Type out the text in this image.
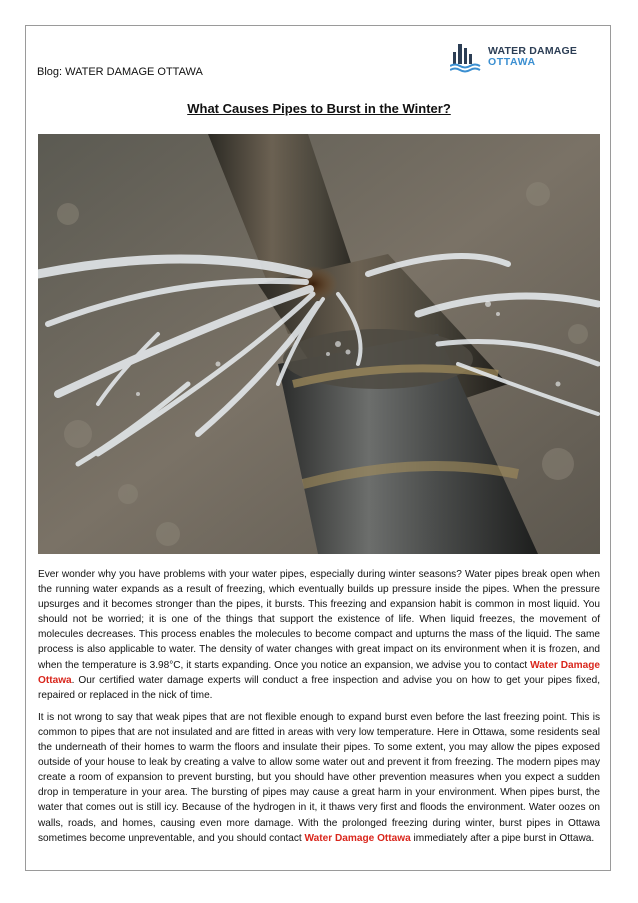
Blog: WATER DAMAGE OTTAWA
WATER DAMAGE
OTTAWA
What Causes Pipes to Burst in the Winter?

Ever wonder why you have problems with your water pipes, especially during winter seasons? Water pipes break open when the running water expands as a result of freezing, which eventually builds up pressure inside the pipes. When the pressure upsurges and it becomes stronger than the pipes, it bursts. This freezing and expansion habit is common in most liquid. You should not be worried; it is one of the things that support the existence of life. When liquid freezes, the movement of molecules decreases. This process enables the molecules to become compact and upturns the mass of the liquid. The same process is also applicable to water. The density of water changes with great impact on its environment when it is frozen, and when the temperature is 3.98°C, it starts expanding. Once you notice an expansion, we advise you to contact Water Damage Ottawa. Our certified water damage experts will conduct a free inspection and advise you on how to get your pipes fixed, repaired or replaced in the nick of time.

It is not wrong to say that weak pipes that are not flexible enough to expand burst even before the last freezing point. This is common to pipes that are not insulated and are fitted in areas with very low temperature. Here in Ottawa, some residents seal the underneath of their homes to warm the floors and insulate their pipes. To some extent, you may allow the pipes exposed outside of your house to leak by creating a valve to allow some water out and prevent it from freezing. The modern pipes may create a room of expansion to prevent bursting, but you should have other prevention measures when you expect a sudden drop in temperature in your area. The bursting of pipes may cause a great harm in your environment. When pipes burst, the water that comes out is still icy. Because of the hydrogen in it, it thaws very first and floods the environment. Water oozes on walls, roads, and homes, causing even more damage. With the prolonged freezing during winter, burst pipes in Ottawa sometimes become unpreventable, and you should contact Water Damage Ottawa immediately after a pipe burst in Ottawa.
